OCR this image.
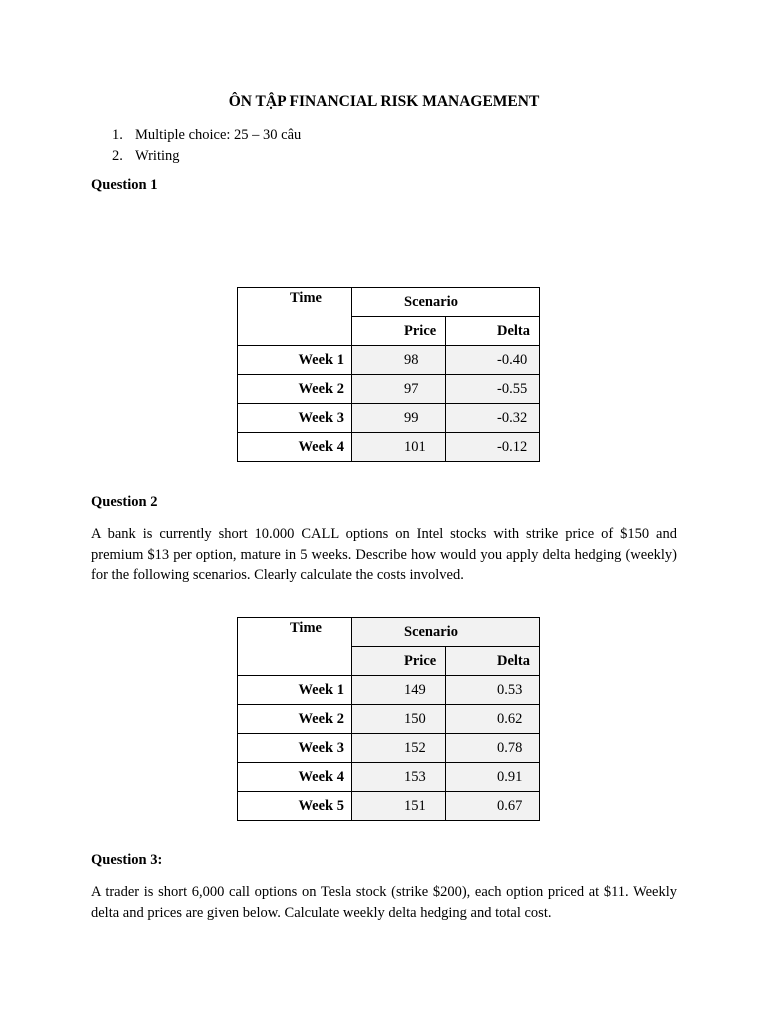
ÔN TẬP FINANCIAL RISK MANAGEMENT
1. Multiple choice: 25 – 30 câu
2. Writing
Question 1
Time	Scenario	
	Price	Delta
Week 1	98	-0.40
Week 2	97	-0.55
Week 3	99	-0.32
Week 4	101	-0.12
Question 2

A bank is currently short 10.000 CALL options on Intel stocks with strike price of $150 and premium $13 per option, mature in 5 weeks. Describe how would you apply delta hedging (weekly) for the following scenarios. Clearly calculate the costs involved.

Time	Scenario	
	Price	Delta
Week 1	149	0.53
Week 2	150	0.62
Week 3	152	0.78
Week 4	153	0.91
Week 5	151	0.67
Question 3:

A trader is short 6,000 call options on Tesla stock (strike $200), each option priced at $11. Weekly delta and prices are given below. Calculate weekly delta hedging and total cost.
